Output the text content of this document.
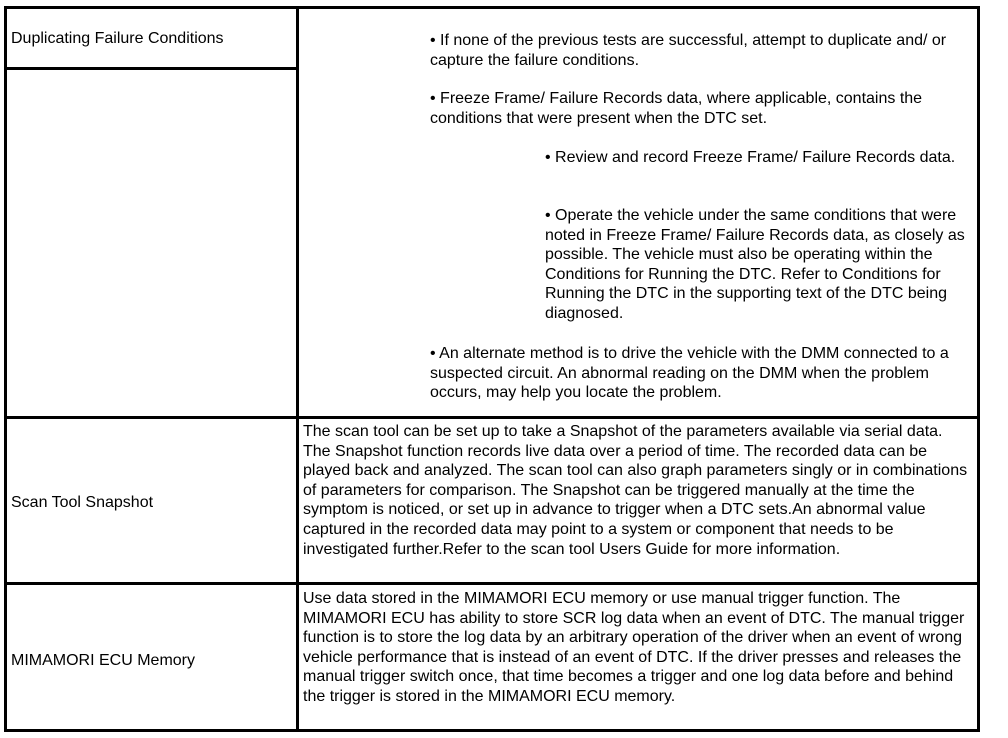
Duplicating Failure Conditions	• If none of the previous tests are successful, attempt to duplicate and/ or capture the failure conditions.

• Freeze Frame/ Failure Records data, where applicable, contains the conditions that were present when the DTC set.

• Review and record Freeze Frame/ Failure Records data.

• Operate the vehicle under the same conditions that were noted in Freeze Frame/ Failure Records data, as closely as possible. The vehicle must also be operating within the Conditions for Running the DTC. Refer to Conditions for Running the DTC in the supporting text of the DTC being diagnosed.

• An alternate method is to drive the vehicle with the DMM connected to a suspected circuit. An abnormal reading on the DMM when the problem occurs, may help you locate the problem.

Scan Tool Snapshot

The scan tool can be set up to take a Snapshot of the parameters available via serial data. The Snapshot function records live data over a period of time. The recorded data can be played back and analyzed. The scan tool can also graph parameters singly or in combinations of parameters for comparison. The Snapshot can be triggered manually at the time the symptom is noticed, or set up in advance to trigger when a DTC sets.An abnormal value captured in the recorded data may point to a system or component that needs to be investigated further.Refer to the scan tool Users Guide for more information.

MIMAMORI ECU Memory

Use data stored in the MIMAMORI ECU memory or use manual trigger function. The MIMAMORI ECU has ability to store SCR log data when an event of DTC. The manual trigger function is to store the log data by an arbitrary operation of the driver when an event of wrong vehicle performance that is instead of an event of DTC. If the driver presses and releases the manual trigger switch once, that time becomes a trigger and one log data before and behind the trigger is stored in the MIMAMORI ECU memory.
